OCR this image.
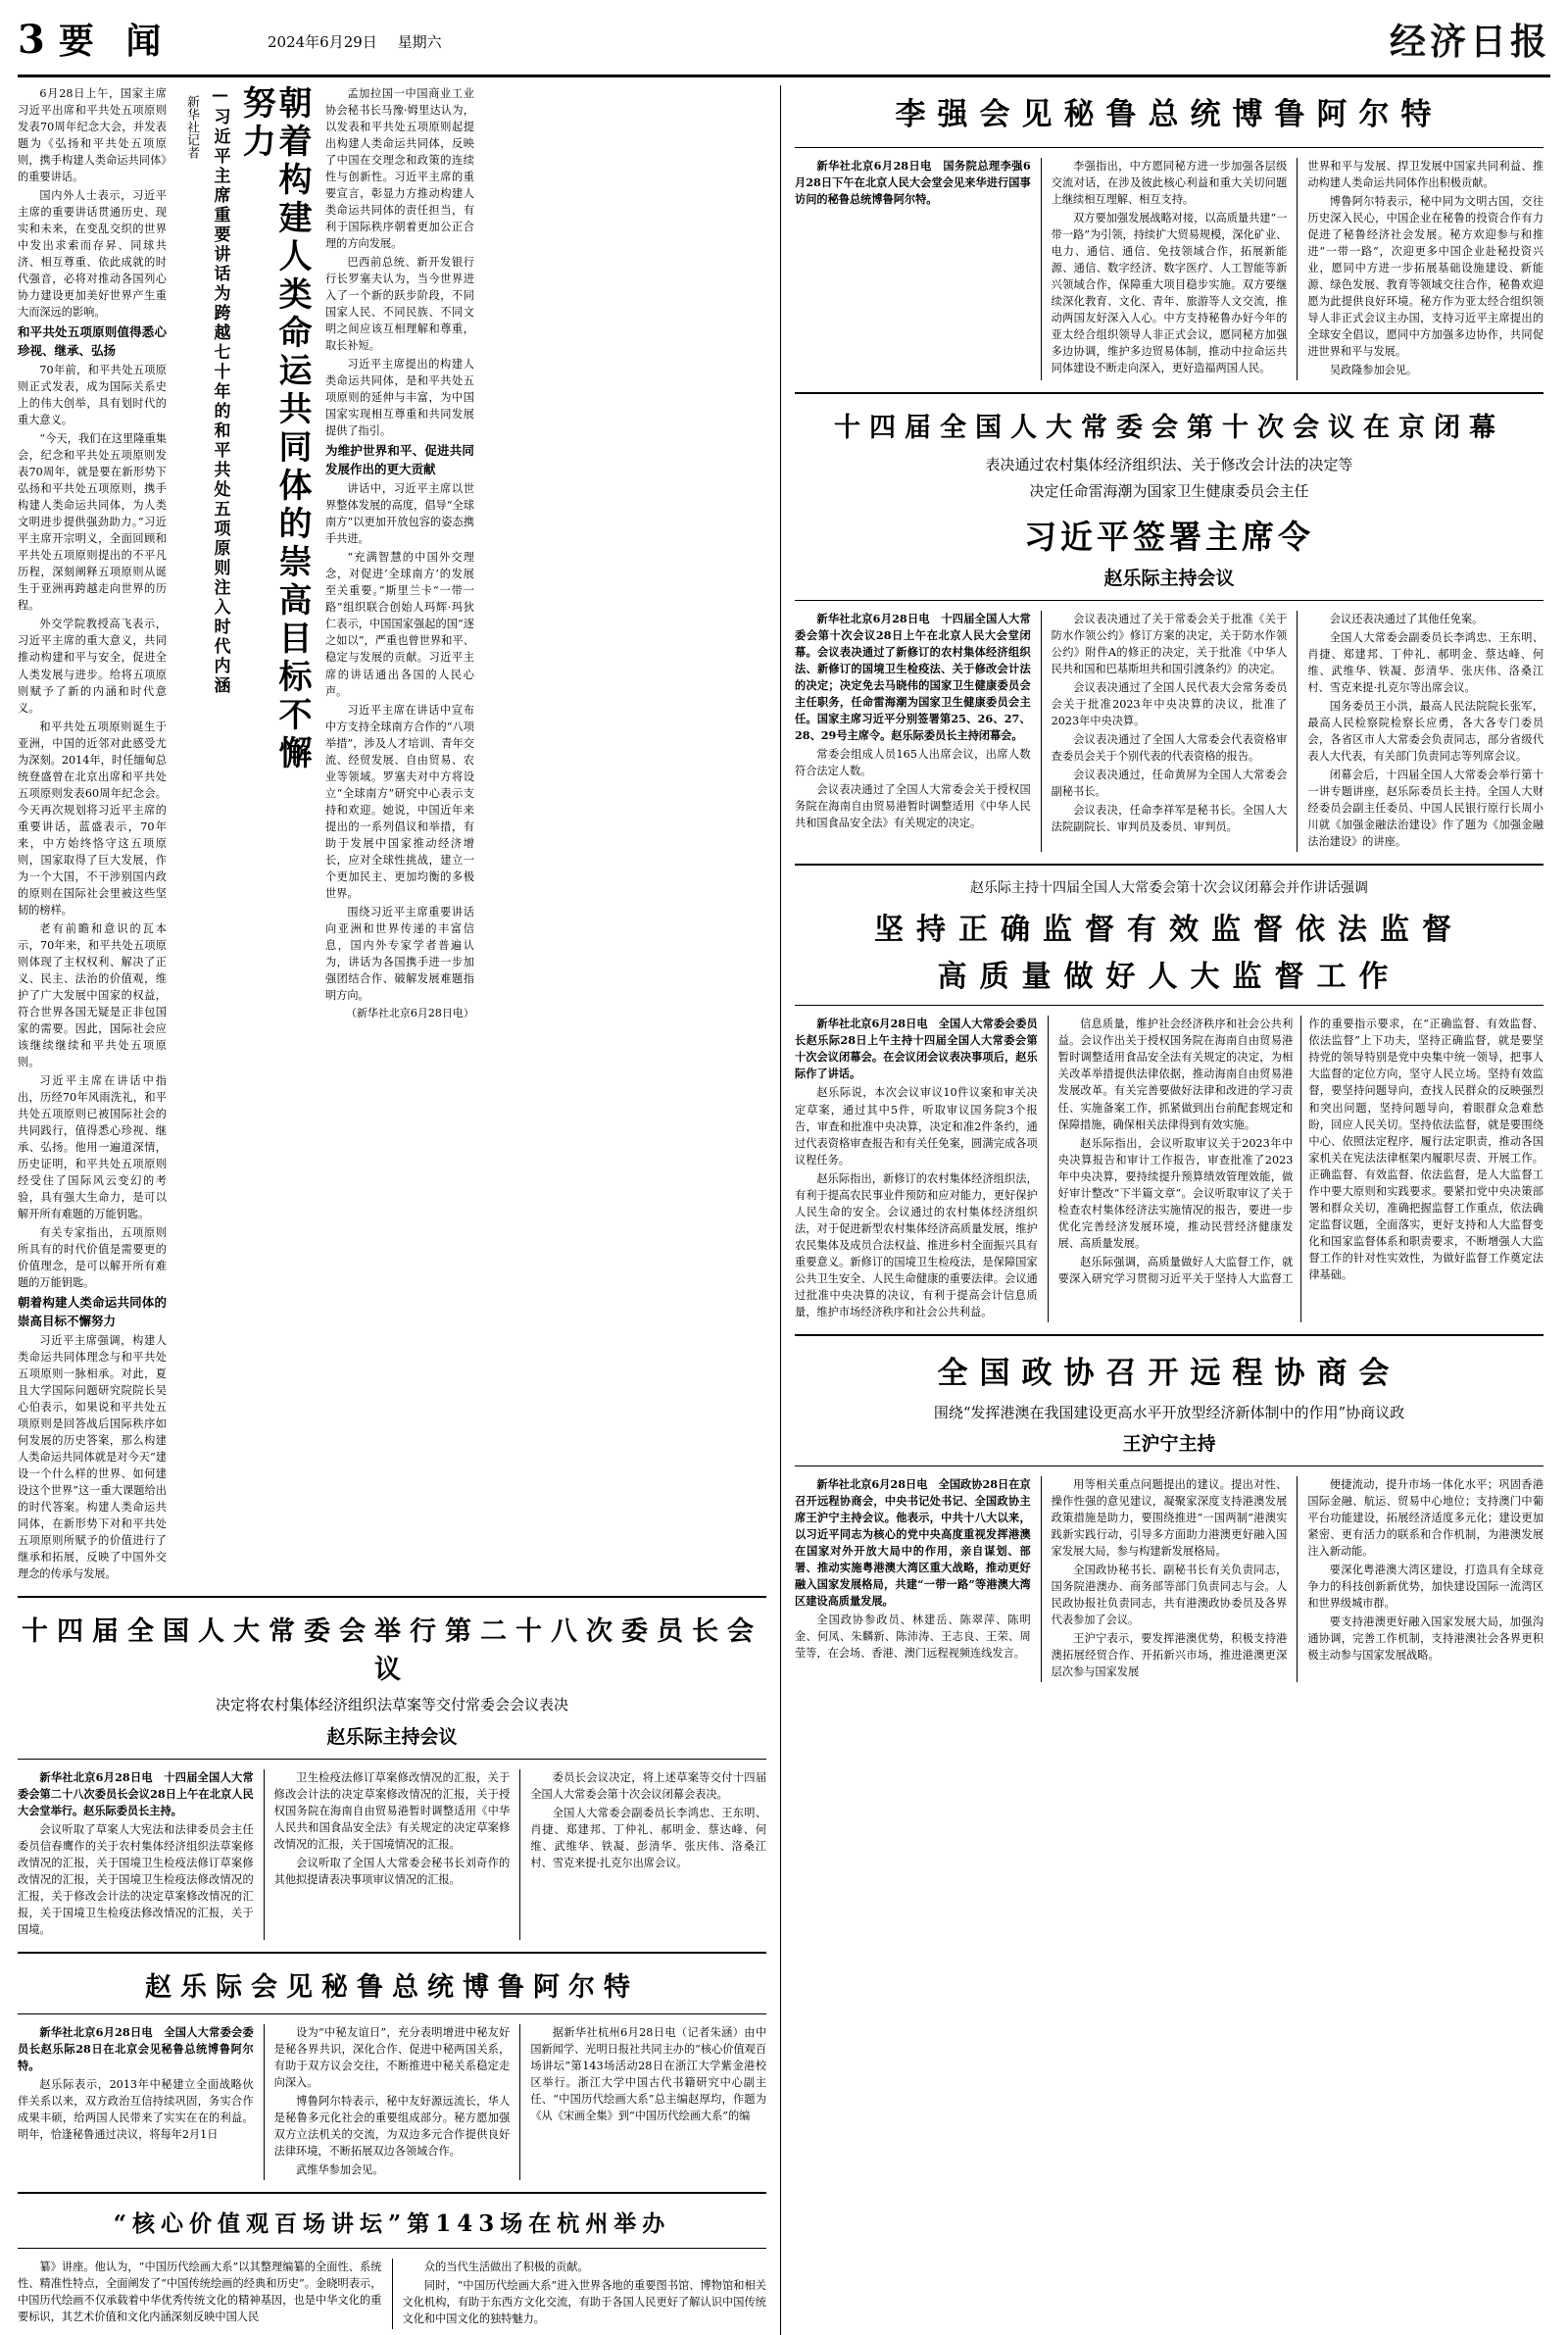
3 要 闻	2024年6月29日 星期六	经济日报

6月28日上午，国家主席习近平出席和平共处五项原则发表70周年纪念大会，并发表题为《弘扬和平共处五项原则，携手构建人类命运共同体》的重要讲话。

国内外人士表示，习近平主席的重要讲话贯通历史、现实和未来，在变乱交织的世界中发出求索而存昇、同球共济、相互尊重、依此成就的时代强音，必将对推动各国列心协力建设更加美好世界产生重大而深远的影响。

和平共处五项原则值得悉心珍视、继承、弘扬

70年前，和平共处五项原则正式发表，成为国际关系史上的伟大创举，具有划时代的重大意义。

“今天，我们在这里隆重集会，纪念和平共处五项原则发表70周年，就是要在新形势下弘扬和平共处五项原则，携手构建人类命运共同体，为人类文明进步提供强劲助力。”习近平主席开宗明义，全面回顾和平共处五项原则提出的不平凡历程，深刻阐释五项原则从诞生于亚洲再跨越走向世界的历程。

外交学院教授高飞表示，习近平主席的重大意义，共同推动构建和平与安全，促进全人类发展与进步。给将五项原则赋予了新的内涵和时代意义。

和平共处五项原则诞生于亚洲，中国的近邻对此感受尤为深刻。2014年，时任缅甸总统登盛曾在北京出席和平共处五项原则发表60周年纪念会。今天再次规划将习近平主席的重要讲话，蓝盛表示，70年来，中方始终恪守这五项原则，国家取得了巨大发展，作为一个大国，不干涉别国内政的原则在国际社会里被这些坚韧的榜样。

老有前瞻和意识的瓦本示，70年来，和平共处五项原则体现了主权权利、解决了正义、民主、法治的价值观，维护了广大发展中国家的权益，符合世界各国无疑是正非包国家的需要。因此，国际社会应该继续继续和平共处五项原则。

习近平主席在讲话中指出，历经70年风雨洗礼，和平共处五项原则已被国际社会的共同践行，值得悉心珍视、继承、弘扬。他用一遍道深情，历史证明，和平共处五项原则经受住了国际风云变幻的考验，具有强大生命力，是可以解开所有难题的万能钥匙。

有关专家指出，五项原则所具有的时代价值是需要更的价值理念，是可以解开所有难题的万能钥匙。

朝着构建人类命运共同体的崇高目标不懈努力

习近平主席强调，构建人类命运共同体理念与和平共处五项原则一脉相承。对此，夏且大学国际问题研究院院长吴心伯表示，如果说和平共处五项原则是回答战后国际秩序如何发展的历史答案，那么构建人类命运共同体就是对今天“建设一个什么样的世界、如何建设这个世界”这一重大课题给出的时代答案。构建人类命运共同体，在新形势下对和平共处五项原则所赋予的价值进行了继承和拓展，反映了中国外交理念的传承与发展。

朝着构建人类命运共同体的崇高目标不懈努力
—习近平主席重要讲话为跨越七十年的和平共处五项原则注入时代内涵
新华社记者

孟加拉国一中国商业工业协会秘书长马豫·姆里达认为，以发表和平共处五项原则起提出构建人类命运共同体，反映了中国在交理念和政策的连续性与创新性。习近平主席的重要宣言，彰显力方推动构建人类命运共同体的责任担当，有利于国际秩序朝着更加公正合理的方向发展。

巴西前总统、新开发银行行长罗塞夫认为，当今世界进入了一个新的跃步阶段，不同国家人民、不同民族、不同文明之间应该互相理解和尊重，取长补短。

习近平主席提出的构建人类命运共同体，是和平共处五项原则的延伸与丰富，为中国国家实现相互尊重和共同发展提供了指引。

为维护世界和平、促进共同发展作出的更大贡献

讲话中，习近平主席以世界整体发展的高度，倡导“全球南方”以更加开放包容的姿态携手共进。

“充满智慧的中国外交理念，对促进‘全球南方’的发展至关重要。”斯里兰卡“一带一路”组织联合创始人玛辉·玛狄仁表示，中国国家强起的国“逐之如以”，严重也曾世界和平、稳定与发展的贡献。习近平主席的讲话通出各国的人民心声。

习近平主席在讲话中宣布中方支持全球南方合作的“八项举措”，涉及人才培训、青年交流、经贸发展、自由贸易、农业等领域。罗塞夫对中方将设立“全球南方”研究中心表示支持和欢迎。她说，中国近年来提出的一系列倡议和举措，有助于发展中国家推动经济增长，应对全球性挑战，建立一个更加民主、更加均衡的多极世界。

围绕习近平主席重要讲话向亚洲和世界传递的丰富信息，国内外专家学者普遍认为，讲话为各国携手进一步加强团结合作、破解发展难题指明方向。

（新华社北京6月28日电）

十四届全国人大常委会举行第二十八次委员长会议
决定将农村集体经济组织法草案等交付常委会会议表决
赵乐际主持会议

新华社北京6月28日电　十四届全国人大常委会第二十八次委员长会议28日上午在北京人民大会堂举行。赵乐际委员长主持。

会议听取了草案人大宪法和法律委员会主任委员信春鹰作的关于农村集体经济组织法草案修改情况的汇报，关于国境卫生检疫法修订草案修改情况的汇报，关于国境卫生检疫法修改情况的汇报，关于修改会计法的决定草案修改情况的汇报，关于国境卫生检疫法修改情况的汇报，关于国境。

卫生检疫法修订草案修改情况的汇报，关于修改会计法的决定草案修改情况的汇报，关于授权国务院在海南自由贸易港暂时调整适用《中华人民共和国食品安全法》有关规定的决定草案修改情况的汇报，关于国境情况的汇报。

会议听取了全国人大常委会秘书长刘奇作的其他拟提请表决事项审议情况的汇报。

委员长会议决定，将上述草案等交付十四届全国人大常委会第十次会议闭幕会表决。

全国人大常委会副委员长李鸿忠、王东明、肖捷、郑建邦、丁仲礼、郝明金、蔡达峰、何维、武维华、铁凝、彭清华、张庆伟、洛桑江村、雪克来提·扎克尔出席会议。

赵乐际会见秘鲁总统博鲁阿尔特

新华社北京6月28日电　全国人大常委会委员长赵乐际28日在北京会见秘鲁总统博鲁阿尔特。

赵乐际表示，2013年中秘建立全面战略伙伴关系以来，双方政治互信持续巩固，务实合作成果丰硕，给两国人民带来了实实在在的利益。明年，恰逢秘鲁通过决议，将每年2月1日

设为“中秘友谊日”，充分表明增进中秘友好是秘各界共识，深化合作、促进中秘两国关系，有助于双方议会交往，不断推进中秘关系稳定走向深入。

博鲁阿尔特表示，秘中友好源远流长，华人是秘鲁多元化社会的重要组成部分。秘方愿加强双方立法机关的交流，为双边多元合作提供良好法律环境，不断拓展双边各领域合作。

武维华参加会见。

据新华社杭州6月28日电（记者朱涵）由中国新闻学、光明日报社共同主办的“核心价值观百场讲坛”第143场活动28日在浙江大学紫金港校区举行。浙江大学中国古代书籍研究中心副主任、“中国历代绘画大系”总主编赵厚均，作题为《从《宋画全集》到“中国历代绘画大系”的编

“核心价值观百场讲坛”第143场在杭州举办

纂》讲座。他认为，“中国历代绘画大系”以其整理编纂的全面性、系统性、精准性特点，全面阐发了“中国传统绘画的经典和历史”。金晓明表示，中国历代绘画不仅承载着中华优秀传统文化的精神基因，也是中华文化的重要标识，其艺术价值和文化内涵深刻反映中国人民

众的当代生活做出了积极的贡献。

同时，“中国历代绘画大系”进入世界各地的重要图书馆、博物馆和相关文化机构，有助于东西方文化交流，有助于各国人民更好了解认识中国传统文化和中国文化的独特魅力。

李强会见秘鲁总统博鲁阿尔特

新华社北京6月28日电　国务院总理李强6月28日下午在北京人民大会堂会见来华进行国事访问的秘鲁总统博鲁阿尔特。

李强指出，中方愿同秘方进一步加强各层级交流对话，在涉及彼此核心利益和重大关切问题上继续相互理解、相互支持。

双方要加强发展战略对接，以高质量共建“一带一路”为引领，持续扩大贸易规模，深化矿业、电力、通信、通信、免技领域合作，拓展新能源、通信、数字经济、数字医疗、人工智能等新兴领域合作，保障重大项目稳步实施。双方要继续深化教育、文化、青年、旅游等人文交流，推动两国友好深入人心。中方支持秘鲁办好今年的亚太经合组织领导人非正式会议，愿同秘方加强多边协调，维护多边贸易体制，推动中拉命运共同体建设不断走向深入，更好造福两国人民。

世界和平与发展、捍卫发展中国家共同利益、推动构建人类命运共同体作出积极贡献。

博鲁阿尔特表示，秘中同为文明古国，交往历史深入民心，中国企业在秘鲁的投资合作有力促进了秘鲁经济社会发展。秘方欢迎参与和推进“一带一路”，次迎更多中国企业赴秘投资兴业，愿同中方进一步拓展基础设施建设、新能源、绿色发展、教育等领域交往合作，秘鲁欢迎愿为此提供良好环境。秘方作为亚太经合组织领导人非正式会议主办国，支持习近平主席提出的全球安全倡议，愿同中方加强多边协作，共同促进世界和平与发展。

吴政隆参加会见。

十四届全国人大常委会第十次会议在京闭幕
表决通过农村集体经济组织法、关于修改会计法的决定等
决定任命雷海潮为国家卫生健康委员会主任
习近平签署主席令
赵乐际主持会议

新华社北京6月28日电　十四届全国人大常委会第十次会议28日上午在北京人民大会堂闭幕。会议表决通过了新修订的农村集体经济组织法、新修订的国境卫生检疫法、关于修改会计法的决定；决定免去马晓伟的国家卫生健康委员会主任职务，任命雷海潮为国家卫生健康委员会主任。国家主席习近平分别签署第25、26、27、28、29号主席令。赵乐际委员长主持闭幕会。

常委会组成人员165人出席会议，出席人数符合法定人数。

会议表决通过了全国人大常委会关于授权国务院在海南自由贸易港暂时调整适用《中华人民共和国食品安全法》有关规定的决定。

会议表决通过了关于常委会关于批准《关于防水作领公约》修订方案的决定，关于防水作领公约》附件A的修正的决定，关于批准《中华人民共和国和巴基斯坦共和国引渡条约》的决定。

会议表决通过了全国人民代表大会常务委员会关于批准2023年中央决算的决议，批准了2023年中央决算。

会议表决通过了全国人大常委会代表资格审查委员会关于个别代表的代表资格的报告。

会议表决通过，任命黄屏为全国人大常委会副秘书长。

会议表决，任命李祥军是秘书长。全国人大法院副院长、审判员及委员、审判员。

会议还表决通过了其他任免案。

全国人大常委会副委员长李鸿忠、王东明、肖捷、郑建邦、丁仲礼、郝明金、蔡达峰、何维、武维华、铁凝、彭清华、张庆伟、洛桑江村、雪克来提·扎克尔等出席会议。

国务委员王小洪，最高人民法院院长张军，最高人民检察院检察长应勇，各大各专门委员会，各省区市人大常委会负责同志，部分省级代表人大代表，有关部门负责同志等列席会议。

闭幕会后，十四届全国人大常委会举行第十一讲专题讲座，赵乐际委员长主持。全国人大财经委员会副主任委员、中国人民银行原行长周小川就《加强金融法治建设》作了题为《加强金融法治建设》的讲座。

赵乐际主持十四届全国人大常委会第十次会议闭幕会并作讲话强调
坚持正确监督有效监督依法监督
高质量做好人大监督工作

新华社北京6月28日电　全国人大常委会委员长赵乐际28日上午主持十四届全国人大常委会第十次会议闭幕会。在会议闭会议表决事项后，赵乐际作了讲话。

赵乐际说，本次会议审议10件议案和审关决定草案，通过其中5件，听取审议国务院3个报告，审查和批准中央决算，决定和准2件条约，通过代表资格审查报告和有关任免案，圆满完成各项议程任务。

赵乐际指出，新修订的农村集体经济组织法，有利于提高农民事业件预防和应对能力，更好保护人民生命的安全。会议通过的农村集体经济组织法，对于促进新型农村集体经济高质量发展，维护农民集体及成员合法权益、推进乡村全面振兴具有重要意义。新修订的国境卫生检疫法，是保障国家公共卫生安全、人民生命健康的重要法律。会议通过批准中央决算的决议，有利于提高会计信息质量，维护市场经济秩序和社会公共利益。

信息质量，维护社会经济秩序和社会公共利益。会议作出关于授权国务院在海南自由贸易港暂时调整适用食品安全法有关规定的决定，为相关改革举措提供法律依据，推动海南自由贸易港发展改革。有关完善要做好法律和改进的学习责任、实施备案工作，抓紧做到出台前配套规定和保障措施，确保相关法律得到有效实施。

赵乐际指出，会议听取审议关于2023年中央决算报告和审计工作报告，审查批准了2023年中央决算，要持续提升预算绩效管理效能，做好审计整改“下半篇文章”。会议听取审议了关于检查农村集体经济法实施情况的报告，要进一步优化完善经济发展环境，推动民营经济健康发展、高质量发展。

赵乐际强调，高质量做好人大监督工作，就要深入研究学习贯彻习近平关于坚持人大监督工作的重要指示要求，在“正确监督、有效监督、依法监督”上下功夫，坚持正确监督，就是要坚持党的领导特别是党中央集中统一领导，把事人大监督的定位方向，坚守人民立场。坚持有效监督，要坚持问题导向，查找人民群众的反映强烈和突出问题，坚持问题导向，着眼群众急难愁盼，回应人民关切。坚持依法监督，就是要围绕中心、依照法定程序，履行法定职责，推动各国家机关在宪法法律框架内履职尽责、开展工作。正确监督、有效监督、依法监督，是人大监督工作中要大原则和实践要求。要紧扣党中央决策部署和群众关切，准确把握监督工作重点，依法确定监督议题，全面落实，更好支持和人大监督变化和国家监督体系和职责要求，不断增强人大监督工作的针对性实效性，为做好监督工作奠定法律基础。

全国政协召开远程协商会
围绕“发挥港澳在我国建设更高水平开放型经济新体制中的作用”协商议政
王沪宁主持

新华社北京6月28日电　全国政协28日在京召开远程协商会，中央书记处书记、全国政协主席王沪宁主持会议。他表示，中共十八大以来，以习近平同志为核心的党中央高度重视发挥港澳在国家对外开放大局中的作用，亲自谋划、部署、推动实施粤港澳大湾区重大战略，推动更好融入国家发展格局，共建“一带一路”等港澳大湾区建设高质量发展。

全国政协参政员、林建岳、陈翠萍、陈明金、何凤、朱麟新、陈沛涛、王志良、王荣、周莹等，在会场、香港、澳门远程视频连线发言。

用等相关重点问题提出的建议。提出对性、操作性强的意见建议，凝聚家深度支持港澳发展政策措施是助力，要围绕推进“一国两制”港澳实践新实践行动，引导多方面助力港澳更好融入国家发展大局，参与构建新发展格局。

全国政协秘书长、副秘书长有关负责同志，国务院港澳办、商务部等部门负责同志与会。人民政协报社负责同志，共有港澳政协委员及各界代表参加了会议。

王沪宁表示，要发挥港澳优势，积极支持港澳拓展经贸合作、开拓新兴市场，推进港澳更深层次参与国家发展

便捷流动，提升市场一体化水平；巩固香港国际金融、航运、贸易中心地位；支持澳门中葡平台功能建设，拓展经济适度多元化；建设更加紧密、更有活力的联系和合作机制，为港澳发展注入新动能。

要深化粤港澳大湾区建设，打造具有全球竞争力的科技创新新优势，加快建设国际一流湾区和世界级城市群。

要支持港澳更好融入国家发展大局，加强沟通协调，完善工作机制，支持港澳社会各界更积极主动参与国家发展战略。
